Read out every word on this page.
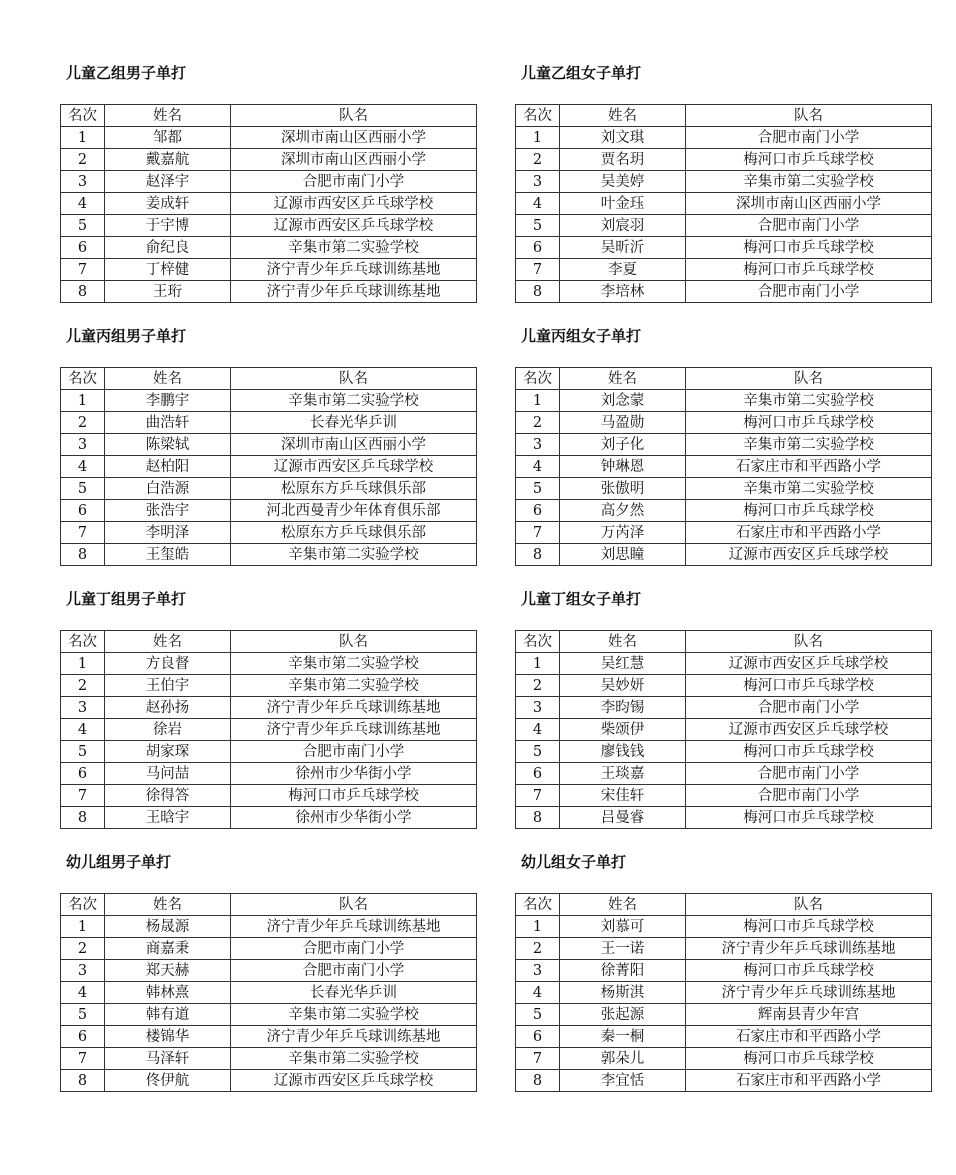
儿童乙组男子单打
名次	姓名	队名
1	邹都	深圳市南山区西丽小学
2	戴嘉航	深圳市南山区西丽小学
3	赵泽宇	合肥市南门小学
4	姜成轩	辽源市西安区乒乓球学校
5	于宇博	辽源市西安区乒乓球学校
6	俞纪良	辛集市第二实验学校
7	丁梓健	济宁青少年乒乓球训练基地
8	王珩	济宁青少年乒乓球训练基地
儿童乙组女子单打
名次	姓名	队名
1	刘文琪	合肥市南门小学
2	贾名玥	梅河口市乒乓球学校
3	吴美婷	辛集市第二实验学校
4	叶金珏	深圳市南山区西丽小学
5	刘宸羽	合肥市南门小学
6	吴昕沂	梅河口市乒乓球学校
7	李夏	梅河口市乒乓球学校
8	李培林	合肥市南门小学
儿童丙组男子单打
名次	姓名	队名
1	李鹏宇	辛集市第二实验学校
2	曲浩轩	长春光华乒训
3	陈梁轼	深圳市南山区西丽小学
4	赵柏阳	辽源市西安区乒乓球学校
5	白浩源	松原东方乒乓球俱乐部
6	张浩宇	河北西曼青少年体育俱乐部
7	李明泽	松原东方乒乓球俱乐部
8	王玺皓	辛集市第二实验学校
儿童丙组女子单打
名次	姓名	队名
1	刘念蒙	辛集市第二实验学校
2	马盈勋	梅河口市乒乓球学校
3	刘子化	辛集市第二实验学校
4	钟琳恩	石家庄市和平西路小学
5	张傲明	辛集市第二实验学校
6	高夕然	梅河口市乒乓球学校
7	万芮泽	石家庄市和平西路小学
8	刘思瞳	辽源市西安区乒乓球学校
儿童丁组男子单打
名次	姓名	队名
1	方良督	辛集市第二实验学校
2	王伯宇	辛集市第二实验学校
3	赵孙扬	济宁青少年乒乓球训练基地
4	徐岩	济宁青少年乒乓球训练基地
5	胡家琛	合肥市南门小学
6	马问喆	徐州市少华街小学
7	徐得答	梅河口市乒乓球学校
8	王晗宇	徐州市少华街小学
儿童丁组女子单打
名次	姓名	队名
1	吴红慧	辽源市西安区乒乓球学校
2	吴妙妍	梅河口市乒乓球学校
3	李昀锡	合肥市南门小学
4	柴颂伊	辽源市西安区乒乓球学校
5	廖钱钱	梅河口市乒乓球学校
6	王琰嘉	合肥市南门小学
7	宋佳轩	合肥市南门小学
8	吕曼睿	梅河口市乒乓球学校
幼儿组男子单打
名次	姓名	队名
1	杨晟源	济宁青少年乒乓球训练基地
2	商嘉秉	合肥市南门小学
3	郑天赫	合肥市南门小学
4	韩林熹	长春光华乒训
5	韩有道	辛集市第二实验学校
6	楼锦华	济宁青少年乒乓球训练基地
7	马泽轩	辛集市第二实验学校
8	佟伊航	辽源市西安区乒乓球学校
幼儿组女子单打
名次	姓名	队名
1	刘慕可	梅河口市乒乓球学校
2	王一诺	济宁青少年乒乓球训练基地
3	徐菁阳	梅河口市乒乓球学校
4	杨斯淇	济宁青少年乒乓球训练基地
5	张起源	辉南县青少年宫
6	秦一桐	石家庄市和平西路小学
7	郭朵儿	梅河口市乒乓球学校
8	李宜恬	石家庄市和平西路小学
